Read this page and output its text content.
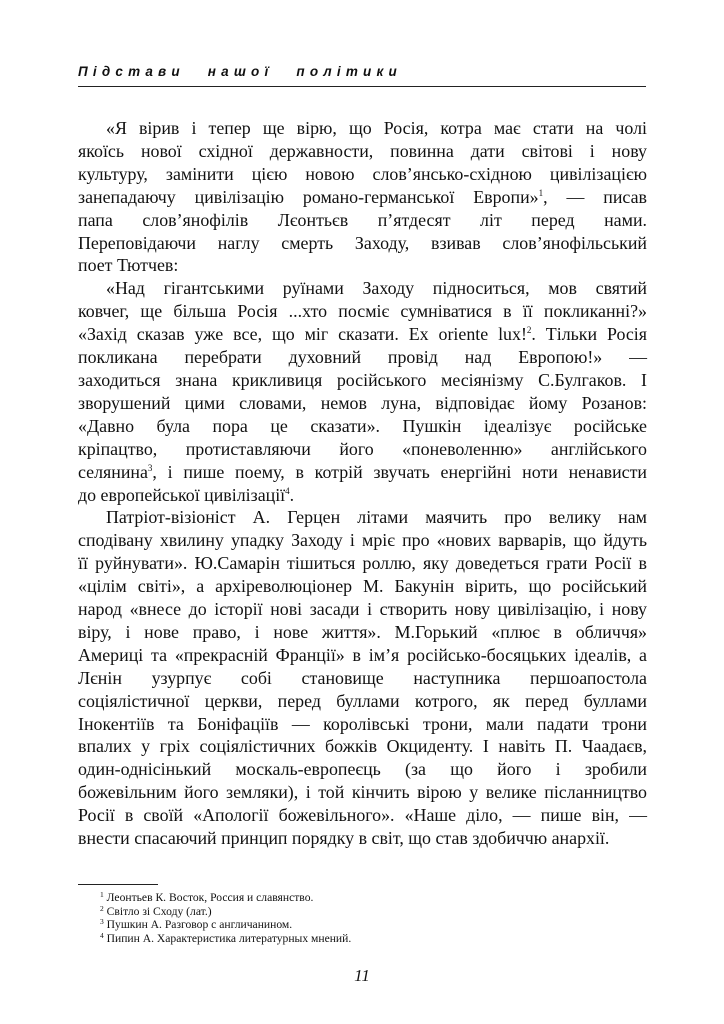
Підстави нашої політики
«Я вірив і тепер ще вірю, що Росія, котра має стати на чолі
якоїсь нової східної державности, повинна дати світові і нову
культуру, замінити цією новою слов’янсько-східною цивілізацією
занепадаючу цивілізацію романо-германської Европи»$^1$, — писав
папа слов’янофілів Лєонтьєв п’ятдесят літ перед нами.
Переповідаючи наглу смерть Заходу, взивав слов’янофільський
поет Тютчев:
«Над гігантськими руїнами Заходу підноситься, мов святий
ковчег, ще більша Росія ...хто посміє сумніватися в її покликанні?»
«Захід сказав уже все, що міг сказати. Ex oriente lux!$^2$. Тільки Росія
покликана перебрати духовний провід над Европою!» —
заходиться знана крикливиця російського месіянізму С.Булгаков. І
зворушений цими словами, немов луна, відповідає йому Розанов:
«Давно була пора це сказати». Пушкін ідеалізує російське
кріпацтво, протиставляючи його «поневоленню» англійського
селянина$^3$, і пише поему, в котрій звучать енергійні ноти ненависти
до европейської цивілізації$^4$.
Патріот-візіоніст А. Герцен літами маячить про велику нам
сподівану хвилину упадку Заходу і мріє про «нових варварів, що йдуть
її руйнувати». Ю.Самарін тішиться роллю, яку доведеться грати Росії в
«цілім світі», а архіреволюціонер М. Бакунін вірить, що російський
народ «внесе до історії нові засади і створить нову цивілізацію, і нову
віру, і нове право, і нове життя». М.Горький «плює в обличчя»
Америці та «прекрасній Франції» в ім’я російсько-босяцьких ідеалів, а
Лєнін узурпує собі становище наступника першоапостола
соціялістичної церкви, перед буллами котрого, як перед буллами
Інокентіїв та Боніфаціїв — королівські трони, мали падати трони
впалих у гріх соціялістичних божків Окциденту. І навіть П. Чаадаєв,
один-однісінький москаль-европеєць (за що його і зробили
божевільним його земляки), і той кінчить вірою у велике післанництво
Росії в своїй «Апології божевільного». «Наше діло, — пише він, —
внести спасаючий принцип порядку в світ, що став здобиччю анархії.
$^1$ Леонтьев К. Восток, Россия и славянство.
$^2$ Світло зі Сходу (лат.)
$^3$ Пушкин А. Разговор с англичанином.
$^4$ Пипин А. Характеристика литературных мнений.
11
